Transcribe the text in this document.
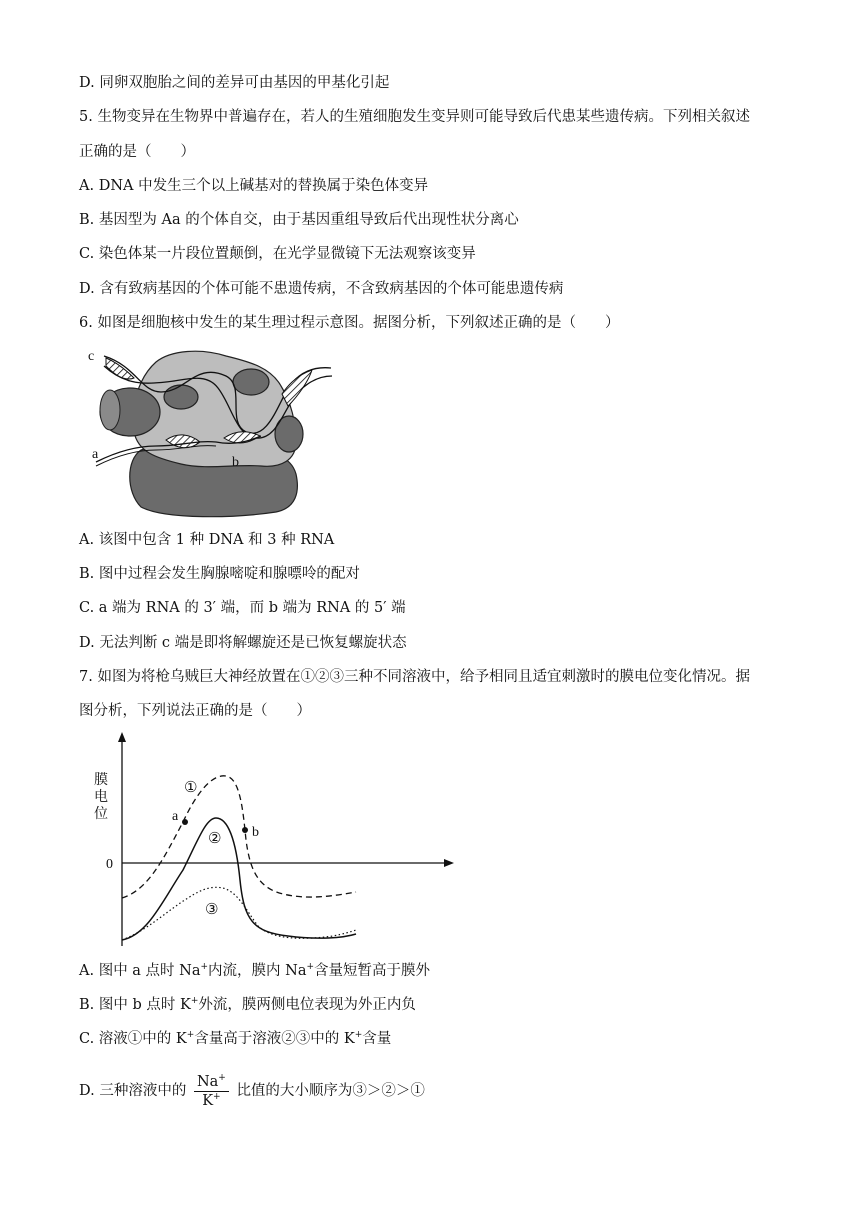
D. 同卵双胞胎之间的差异可由基因的甲基化引起
5. 生物变异在生物界中普遍存在，若人的生殖细胞发生变异则可能导致后代患某些遗传病。下列相关叙述
正确的是（　　）
A. DNA 中发生三个以上碱基对的替换属于染色体变异
B. 基因型为 Aa 的个体自交，由于基因重组导致后代出现性状分离心
C. 染色体某一片段位置颠倒，在光学显微镜下无法观察该变异
D. 含有致病基因的个体可能不患遗传病，不含致病基因的个体可能患遗传病
6. 如图是细胞核中发生的某生理过程示意图。据图分析，下列叙述正确的是（　　）
c
a
b
A. 该图中包含 1 种 DNA 和 3 种 RNA
B. 图中过程会发生胸腺嘧啶和腺嘌呤的配对
C. a 端为 RNA 的 3′ 端，而 b 端为 RNA 的 5′ 端
D. 无法判断 c 端是即将解螺旋还是已恢复螺旋状态
7. 如图为将枪乌贼巨大神经放置在①②③三种不同溶液中，给予相同且适宜刺激时的膜电位变化情况。据
图分析，下列说法正确的是（　　）
膜
电
位
0
a
b
①
②
③
A. 图中 a 点时 Na+内流，膜内 Na+含量短暂高于膜外
B. 图中 b 点时 K+外流，膜两侧电位表现为外正内负
C. 溶液①中的 K+含量高于溶液②③中的 K+含量
D. 三种溶液中的 $\frac{Na^+}{K^+}$ 比值的大小顺序为③＞②＞①
